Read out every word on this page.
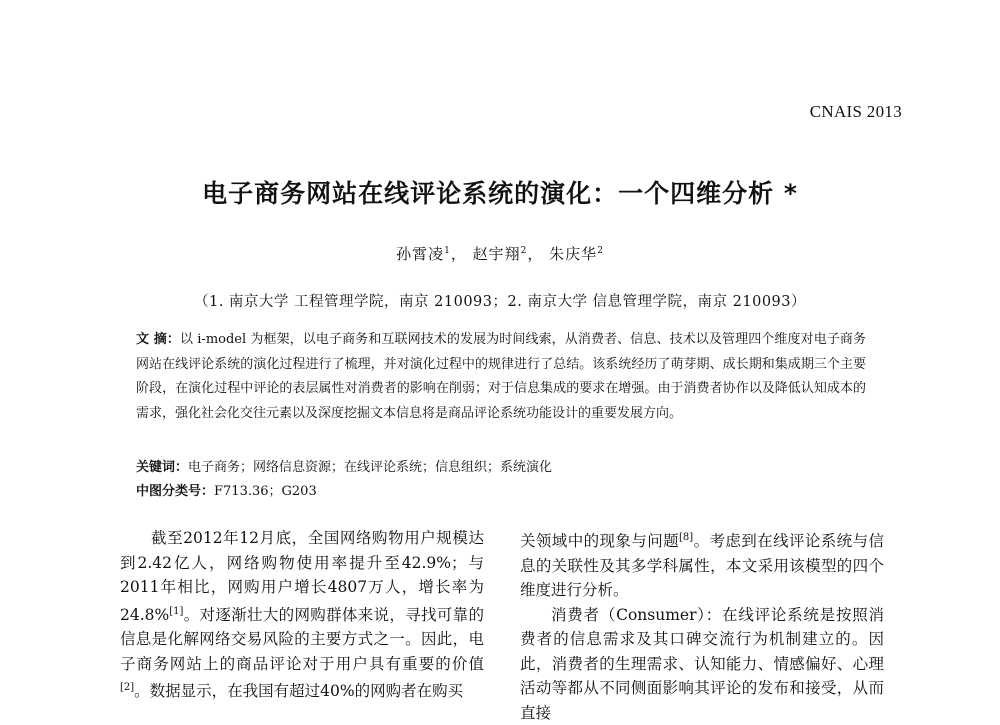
CNAIS 2013
电子商务网站在线评论系统的演化：一个四维分析 *
孙霄凌$^1$， 赵宇翔$^2$， 朱庆华$^2$
（1. 南京大学 工程管理学院，南京 210093；2. 南京大学 信息管理学院，南京 210093）
文 摘：以 i-model 为框架，以电子商务和互联网技术的发展为时间线索，从消费者、信息、技术以及管理四个维度对电子商务网站在线评论系统的演化过程进行了梳理，并对演化过程中的规律进行了总结。该系统经历了萌芽期、成长期和集成期三个主要阶段，在演化过程中评论的表层属性对消费者的影响在削弱；对于信息集成的要求在增强。由于消费者协作以及降低认知成本的需求，强化社会化交往元素以及深度挖掘文本信息将是商品评论系统功能设计的重要发展方向。
关键词：电子商务；网络信息资源；在线评论系统；信息组织；系统演化
中图分类号：F713.36；G203

截至2012年12月底，全国网络购物用户规模达到2.42亿人，网络购物使用率提升至42.9%；与2011年相比，网购用户增长4807万人，增长率为24.8%[1]。对逐渐壮大的网购群体来说，寻找可靠的信息是化解网络交易风险的主要方式之一。因此，电子商务网站上的商品评论对于用户具有重要的价值[2]。数据显示，在我国有超过40%的网购者在购买

关领域中的现象与问题[8]。考虑到在线评论系统与信息的关联性及其多学科属性，本文采用该模型的四个维度进行分析。

消费者（Consumer）：在线评论系统是按照消费者的信息需求及其口碑交流行为机制建立的。因此，消费者的生理需求、认知能力、情感偏好、心理活动等都从不同侧面影响其评论的发布和接受，从而直接
